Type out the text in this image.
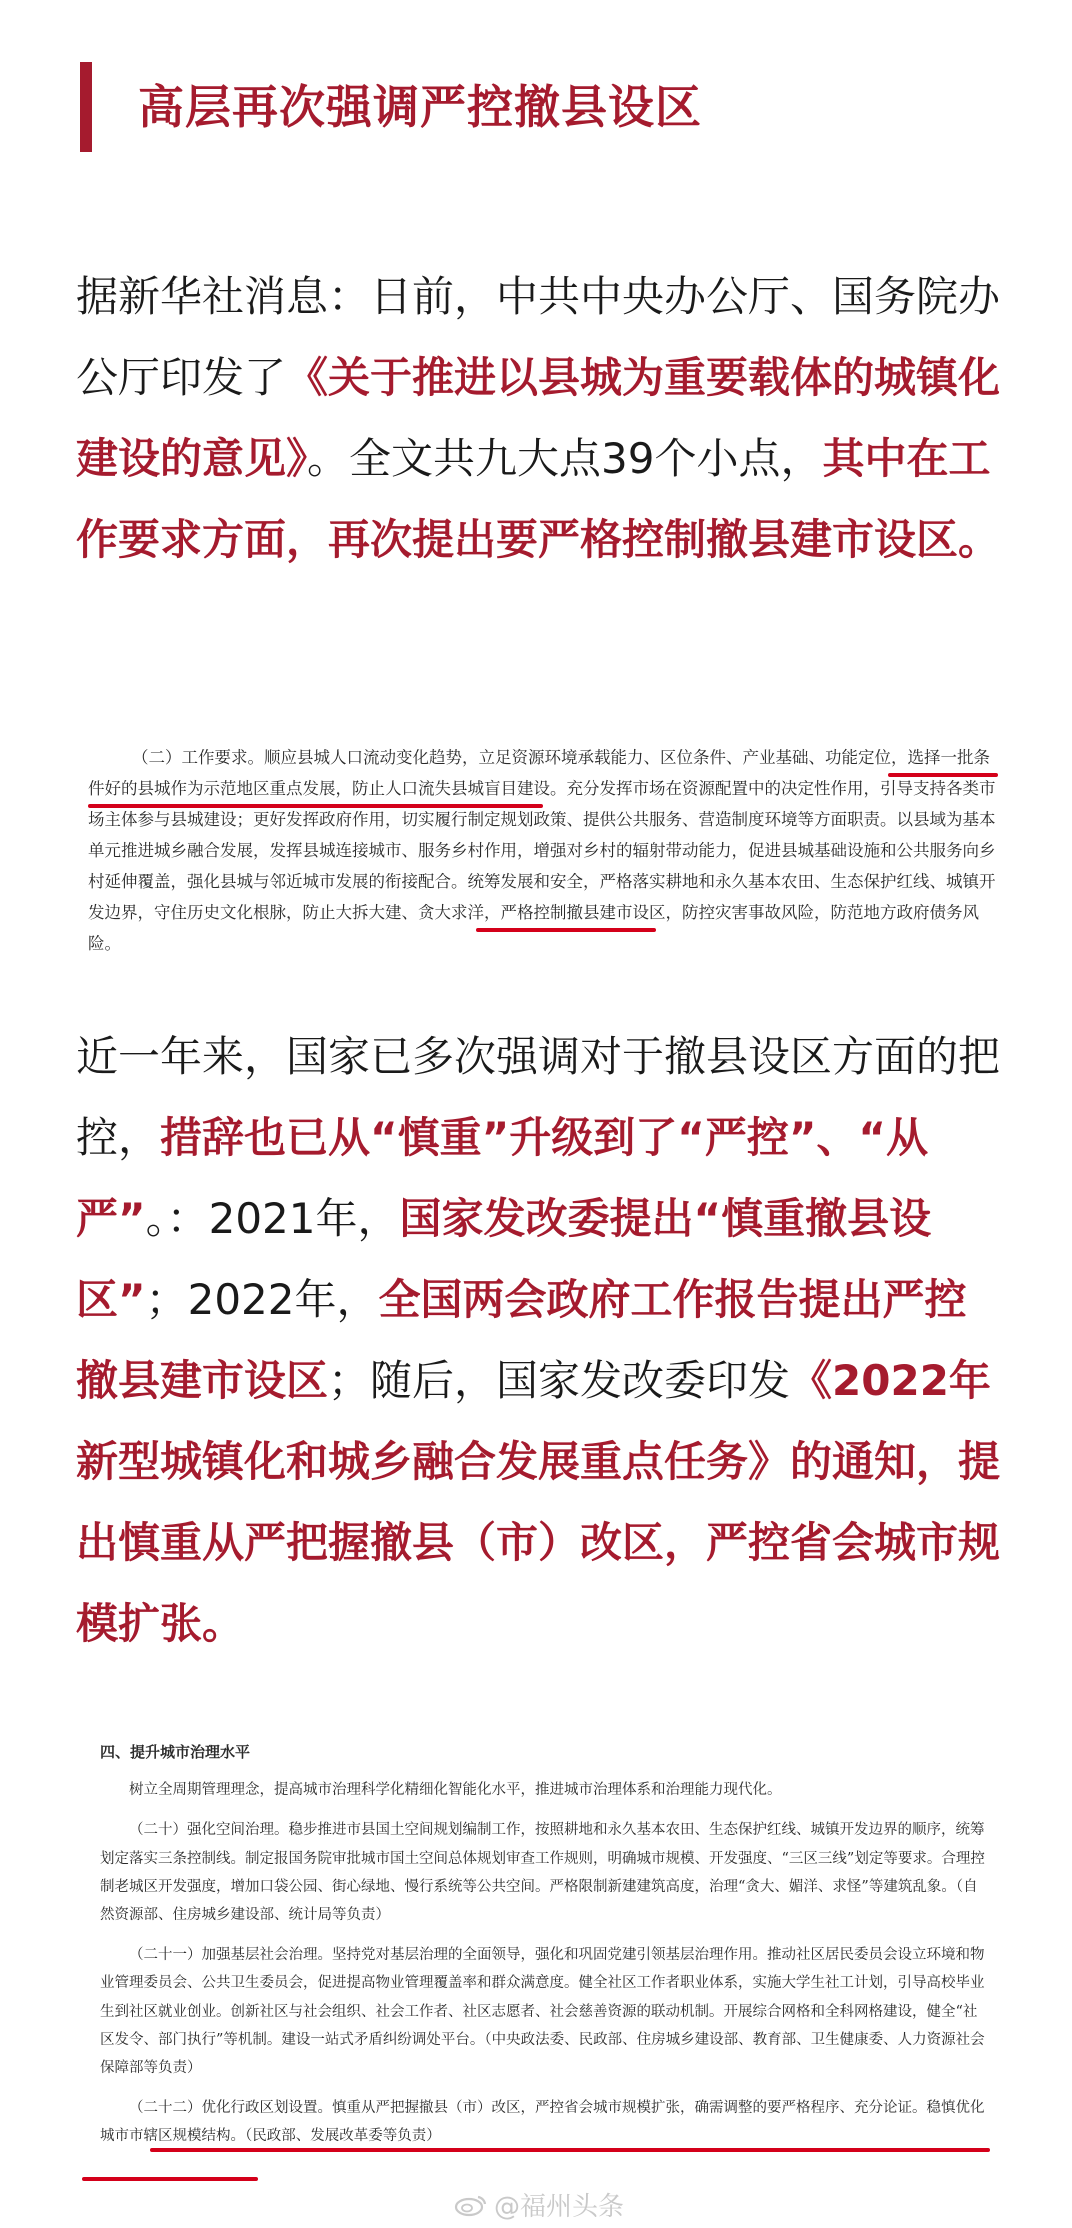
高层再次强调严控撤县设区
据新华社消息：日前，中共中央办公厅、国务院办公厅印发了《关于推进以县城为重要载体的城镇化建设的意见》。全文共九大点39个小点，其中在工作要求方面，再次提出要严格控制撤县建市设区。
（二）工作要求。顺应县城人口流动变化趋势，立足资源环境承载能力、区位条件、产业基础、功能定位，选择一批条件好的县城作为示范地区重点发展，防止人口流失县城盲目建设。充分发挥市场在资源配置中的决定性作用，引导支持各类市场主体参与县城建设；更好发挥政府作用，切实履行制定规划政策、提供公共服务、营造制度环境等方面职责。以县域为基本单元推进城乡融合发展，发挥县城连接城市、服务乡村作用，增强对乡村的辐射带动能力，促进县城基础设施和公共服务向乡村延伸覆盖，强化县城与邻近城市发展的衔接配合。统筹发展和安全，严格落实耕地和永久基本农田、生态保护红线、城镇开发边界，守住历史文化根脉，防止大拆大建、贪大求洋，严格控制撤县建市设区，防控灾害事故风险，防范地方政府债务风险。
近一年来，国家已多次强调对于撤县设区方面的把控，措辞也已从“慎重”升级到了“严控”、“从严”。：2021年，国家发改委提出“慎重撤县设区”；2022年，全国两会政府工作报告提出严控撤县建市设区；随后，国家发改委印发《2022年新型城镇化和城乡融合发展重点任务》的通知，提出慎重从严把握撤县（市）改区，严控省会城市规模扩张。

四、提升城市治理水平

树立全周期管理理念，提高城市治理科学化精细化智能化水平，推进城市治理体系和治理能力现代化。

（二十）强化空间治理。稳步推进市县国土空间规划编制工作，按照耕地和永久基本农田、生态保护红线、城镇开发边界的顺序，统筹划定落实三条控制线。制定报国务院审批城市国土空间总体规划审查工作规则，明确城市规模、开发强度、“三区三线”划定等要求。合理控制老城区开发强度，增加口袋公园、街心绿地、慢行系统等公共空间。严格限制新建建筑高度，治理“贪大、媚洋、求怪”等建筑乱象。（自然资源部、住房城乡建设部、统计局等负责）

（二十一）加强基层社会治理。坚持党对基层治理的全面领导，强化和巩固党建引领基层治理作用。推动社区居民委员会设立环境和物业管理委员会、公共卫生委员会，促进提高物业管理覆盖率和群众满意度。健全社区工作者职业体系，实施大学生社工计划，引导高校毕业生到社区就业创业。创新社区与社会组织、社会工作者、社区志愿者、社会慈善资源的联动机制。开展综合网格和全科网格建设，健全“社区发令、部门执行”等机制。建设一站式矛盾纠纷调处平台。（中央政法委、民政部、住房城乡建设部、教育部、卫生健康委、人力资源社会保障部等负责）

（二十二）优化行政区划设置。慎重从严把握撤县（市）改区，严控省会城市规模扩张，确需调整的要严格程序、充分论证。稳慎优化城市市辖区规模结构。（民政部、发展改革委等负责）

@福州头条
